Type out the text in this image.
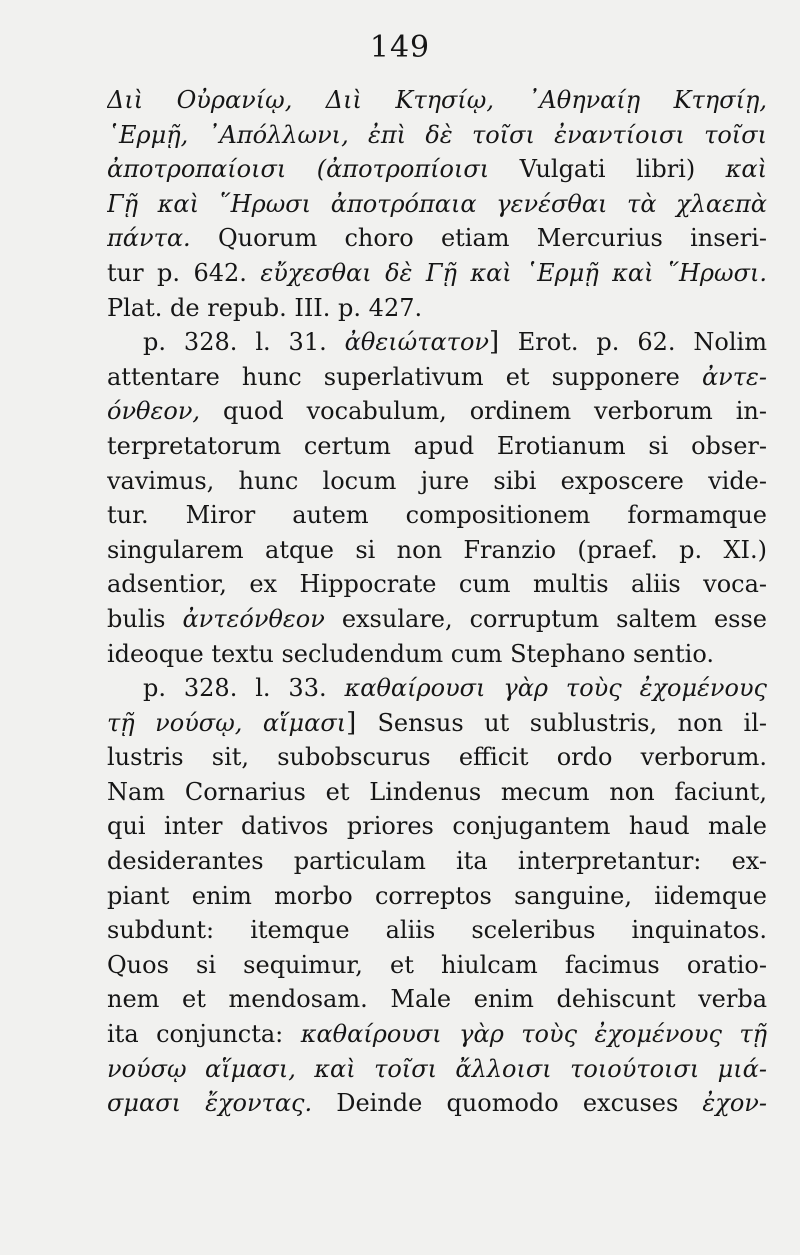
149
Διὶ Οὐρανίῳ, Διὶ Κτησίῳ, ᾿Αθηναίῃ Κτησίῃ,
῾Ερμῇ, ᾿Απόλλωνι, ἐπὶ δὲ τοῖσι ἐναντίοισι τοῖσι
ἀποτροπαίοισι (ἀποτροπίοισι Vulgati libri) καὶ
Γῇ καὶ ῞Ηρωσι ἀποτρόπαια γενέσθαι τὰ χλαεπὰ
πάντα. Quorum choro etiam Mercurius inseri-
tur p. 642. εὔχεσθαι δὲ Γῇ καὶ ῾Ερμῇ καὶ ῞Ηρωσι.
Plat. de repub. III. p. 427.
p. 328. l. 31. ἀθειώτατον] Erot. p. 62. Nolim
attentare hunc superlativum et supponere ἀντε-
όνθεον, quod vocabulum, ordinem verborum in-
terpretatorum certum apud Erotianum si obser-
vavimus, hunc locum jure sibi exposcere vide-
tur. Miror autem compositionem formamque
singularem atque si non Franzio (praef. p. XI.)
adsentior, ex Hippocrate cum multis aliis voca-
bulis ἀντεόνθεον exsulare, corruptum saltem esse
ideoque textu secludendum cum Stephano sentio.
p. 328. l. 33. καθαίρουσι γὰρ τοὺς ἐχομένους
τῇ νούσῳ, αἵμασι] Sensus ut sublustris, non il-
lustris sit, subobscurus efficit ordo verborum.
Nam Cornarius et Lindenus mecum non faciunt,
qui inter dativos priores conjugantem haud male
desiderantes particulam ita interpretantur: ex-
piant enim morbo correptos sanguine, iidemque
subdunt: itemque aliis sceleribus inquinatos.
Quos si sequimur, et hiulcam facimus oratio-
nem et mendosam. Male enim dehiscunt verba
ita conjuncta: καθαίρουσι γὰρ τοὺς ἐχομένους τῇ
νούσῳ αἵμασι, καὶ τοῖσι ἄλλοισι τοιούτοισι μιά-
σμασι ἔχοντας. Deinde quomodo excuses ἐχον-
